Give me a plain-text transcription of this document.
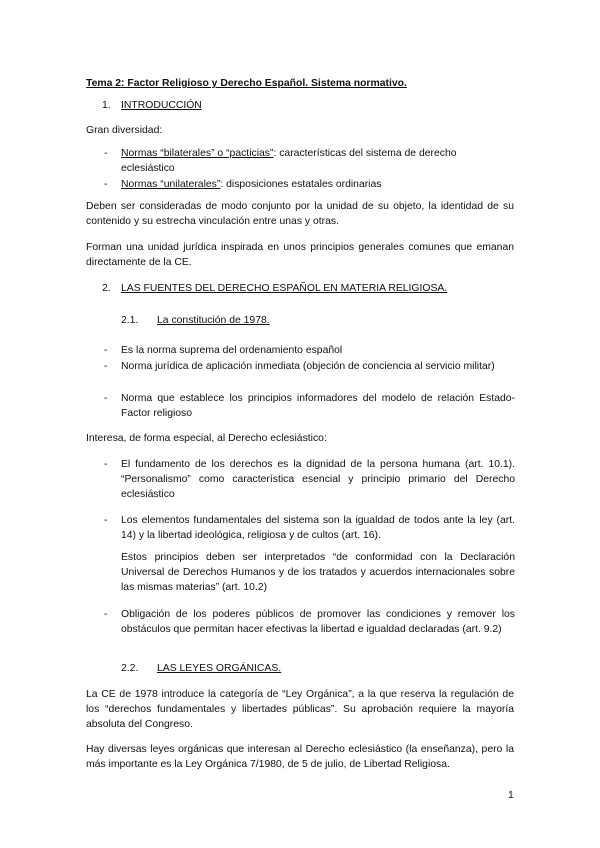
Tema 2: Factor Religioso y Derecho Español. Sistema normativo.
1. INTRODUCCIÓN
Gran diversidad:
- Normas “bilaterales” o “pacticias”: características del sistema de derecho
eclesiástico
- Normas “unilaterales”: disposiciones estatales ordinarias
Deben ser consideradas de modo conjunto por la unidad de su objeto, la identidad de su contenido y su estrecha vinculación entre unas y otras.
Forman una unidad jurídica inspirada en unos principios generales comunes que emanan directamente de la CE.
2. LAS FUENTES DEL DERECHO ESPAÑOL EN MATERIA RELIGIOSA.
2.1. La constitución de 1978.
- Es la norma suprema del ordenamiento español
- Norma jurídica de aplicación inmediata (objeción de conciencia al servicio militar)
- Norma que establece los principios informadores del modelo de relación Estado-Factor religioso
Interesa, de forma especial, al Derecho eclesiástico:
- El fundamento de los derechos es la dignidad de la persona humana (art. 10.1). “Personalismo” como característica esencial y principio primario del Derecho eclesiástico
- Los elementos fundamentales del sistema son la igualdad de todos ante la ley (art. 14) y la libertad ideológica, religiosa y de cultos (art. 16).
Estos principios deben ser interpretados “de conformidad con la Declaración Universal de Derechos Humanos y de los tratados y acuerdos internacionales sobre las mismas materias” (art. 10.2)
- Obligación de los poderes públicos de promover las condiciones y remover los obstáculos que permitan hacer efectivas la libertad e igualdad declaradas (art. 9.2)
2.2. LAS LEYES ORGÁNICAS.
La CE de 1978 introduce la categoría de “Ley Orgánica”, a la que reserva la regulación de los “derechos fundamentales y libertades públicas”. Su aprobación requiere la mayoría absoluta del Congreso.
Hay diversas leyes orgánicas que interesan al Derecho eclesiástico (la enseñanza), pero la más importante es la Ley Orgánica 7/1980, de 5 de julio, de Libertad Religiosa.
1
